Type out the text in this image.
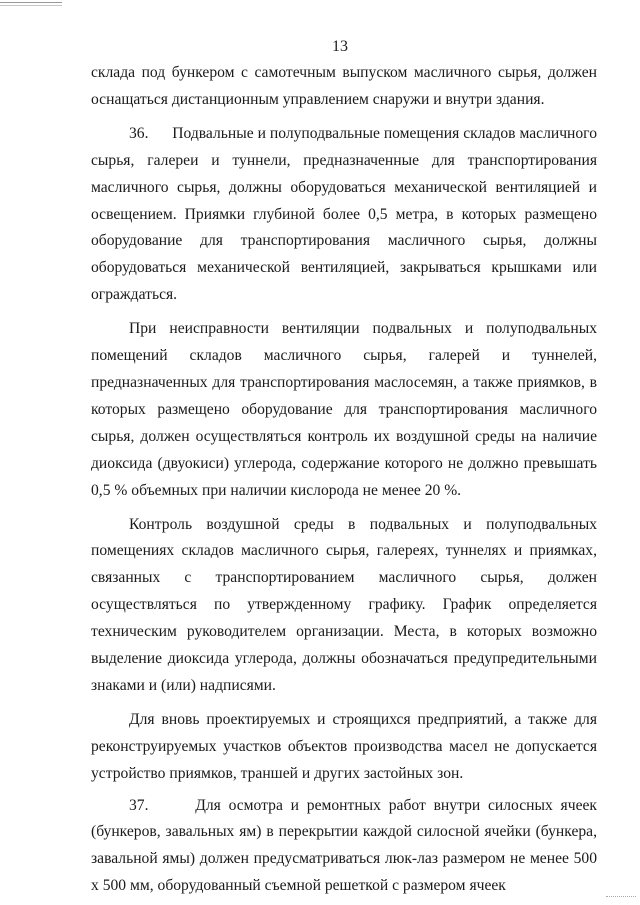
13

склада под бункером с самотечным выпуском масличного сырья, должен оснащаться дистанционным управлением снаружи и внутри здания.

36.      Подвальные и полуподвальные помещения складов масличного сырья, галереи и туннели, предназначенные для транспортирования масличного сырья, должны оборудоваться механической вентиляцией и освещением. Приямки глубиной более 0,5 метра, в которых размещено оборудование для транспортирования масличного сырья, должны оборудоваться механической вентиляцией, закрываться крышками или ограждаться.

При неисправности вентиляции подвальных и полуподвальных помещений складов масличного сырья, галерей и туннелей, предназначенных для транспортирования маслосемян, а также приямков, в которых размещено оборудование для транспортирования масличного сырья, должен осуществляться контроль их воздушной среды на наличие диоксида (двуокиси) углерода, содержание которого не должно превышать 0,5 % объемных при наличии кислорода не менее 20 %.

Контроль воздушной среды в подвальных и полуподвальных помещениях складов масличного сырья, галереях, туннелях и приямках, связанных с транспортированием масличного сырья, должен осуществляться по утвержденному графику. График определяется техническим руководителем организации. Места, в которых возможно выделение диоксида углерода, должны обозначаться предупредительными знаками и (или) надписями.

Для вновь проектируемых и строящихся предприятий, а также для реконструируемых участков объектов производства масел не допускается устройство приямков, траншей и других застойных зон.

37.      Для осмотра и ремонтных работ внутри силосных ячеек (бункеров, завальных ям) в перекрытии каждой силосной ячейки (бункера, завальной ямы) должен предусматриваться люк-лаз размером не менее 500 х 500 мм, оборудованный съемной решеткой с размером ячеек
